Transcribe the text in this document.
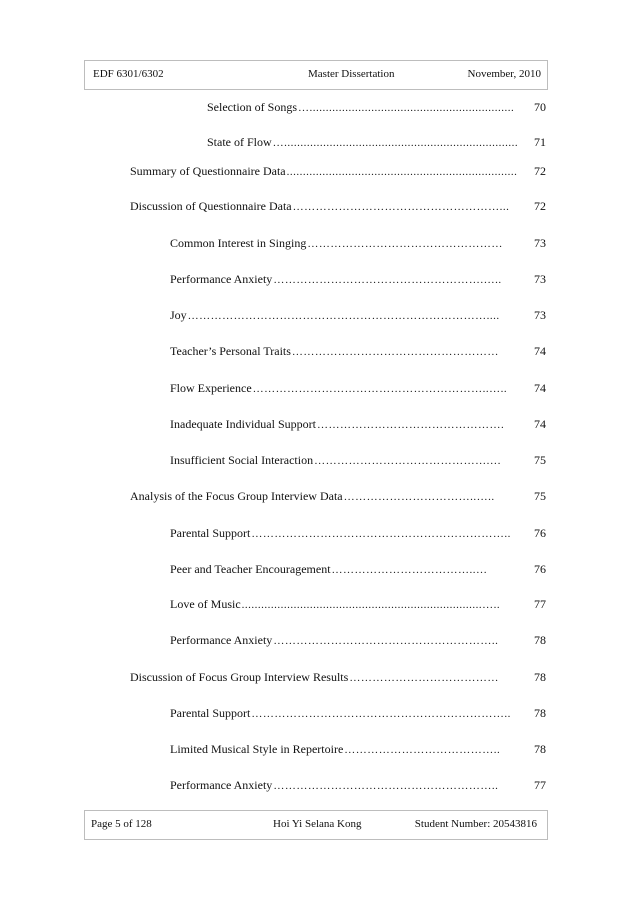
EDF 6301/6302	Master Dissertation	November, 2010
Selection of Songs …...............................................................	70
State of Flow …........................................................................	71
Summary of Questionnaire Data .......................................................................	72
Discussion of Questionnaire Data ………………………………………………...	72
Common Interest in Singing ……………………………………………	73
Performance Anxiety ……………………………………………….…..	73
Joy ……………………………………………………………………....	73
Teacher’s Personal Traits ………………………………………………	74
Flow Experience ……………………………………………………..…..	74
Inadequate Individual Support ………………………………………….	74
Insufficient Social Interaction ……………………………………….…	75
Analysis of the Focus Group Interview Data ……………………………..…..	75
Parental Support …………………………………………………………..	76
Peer and Teacher Encouragement ………………………………..…	76
Love of Music ..........................................................................…..	77
Performance Anxiety …………………………………………………..	78
Discussion of Focus Group Interview Results …………………………………	78
Parental Support …………………………………………………………..	78
Limited Musical Style in Repertoire …………………………………..	78
Performance Anxiety …………………………………………………..	77
Page 5 of 128	Hoi Yi Selana Kong	Student Number: 20543816
